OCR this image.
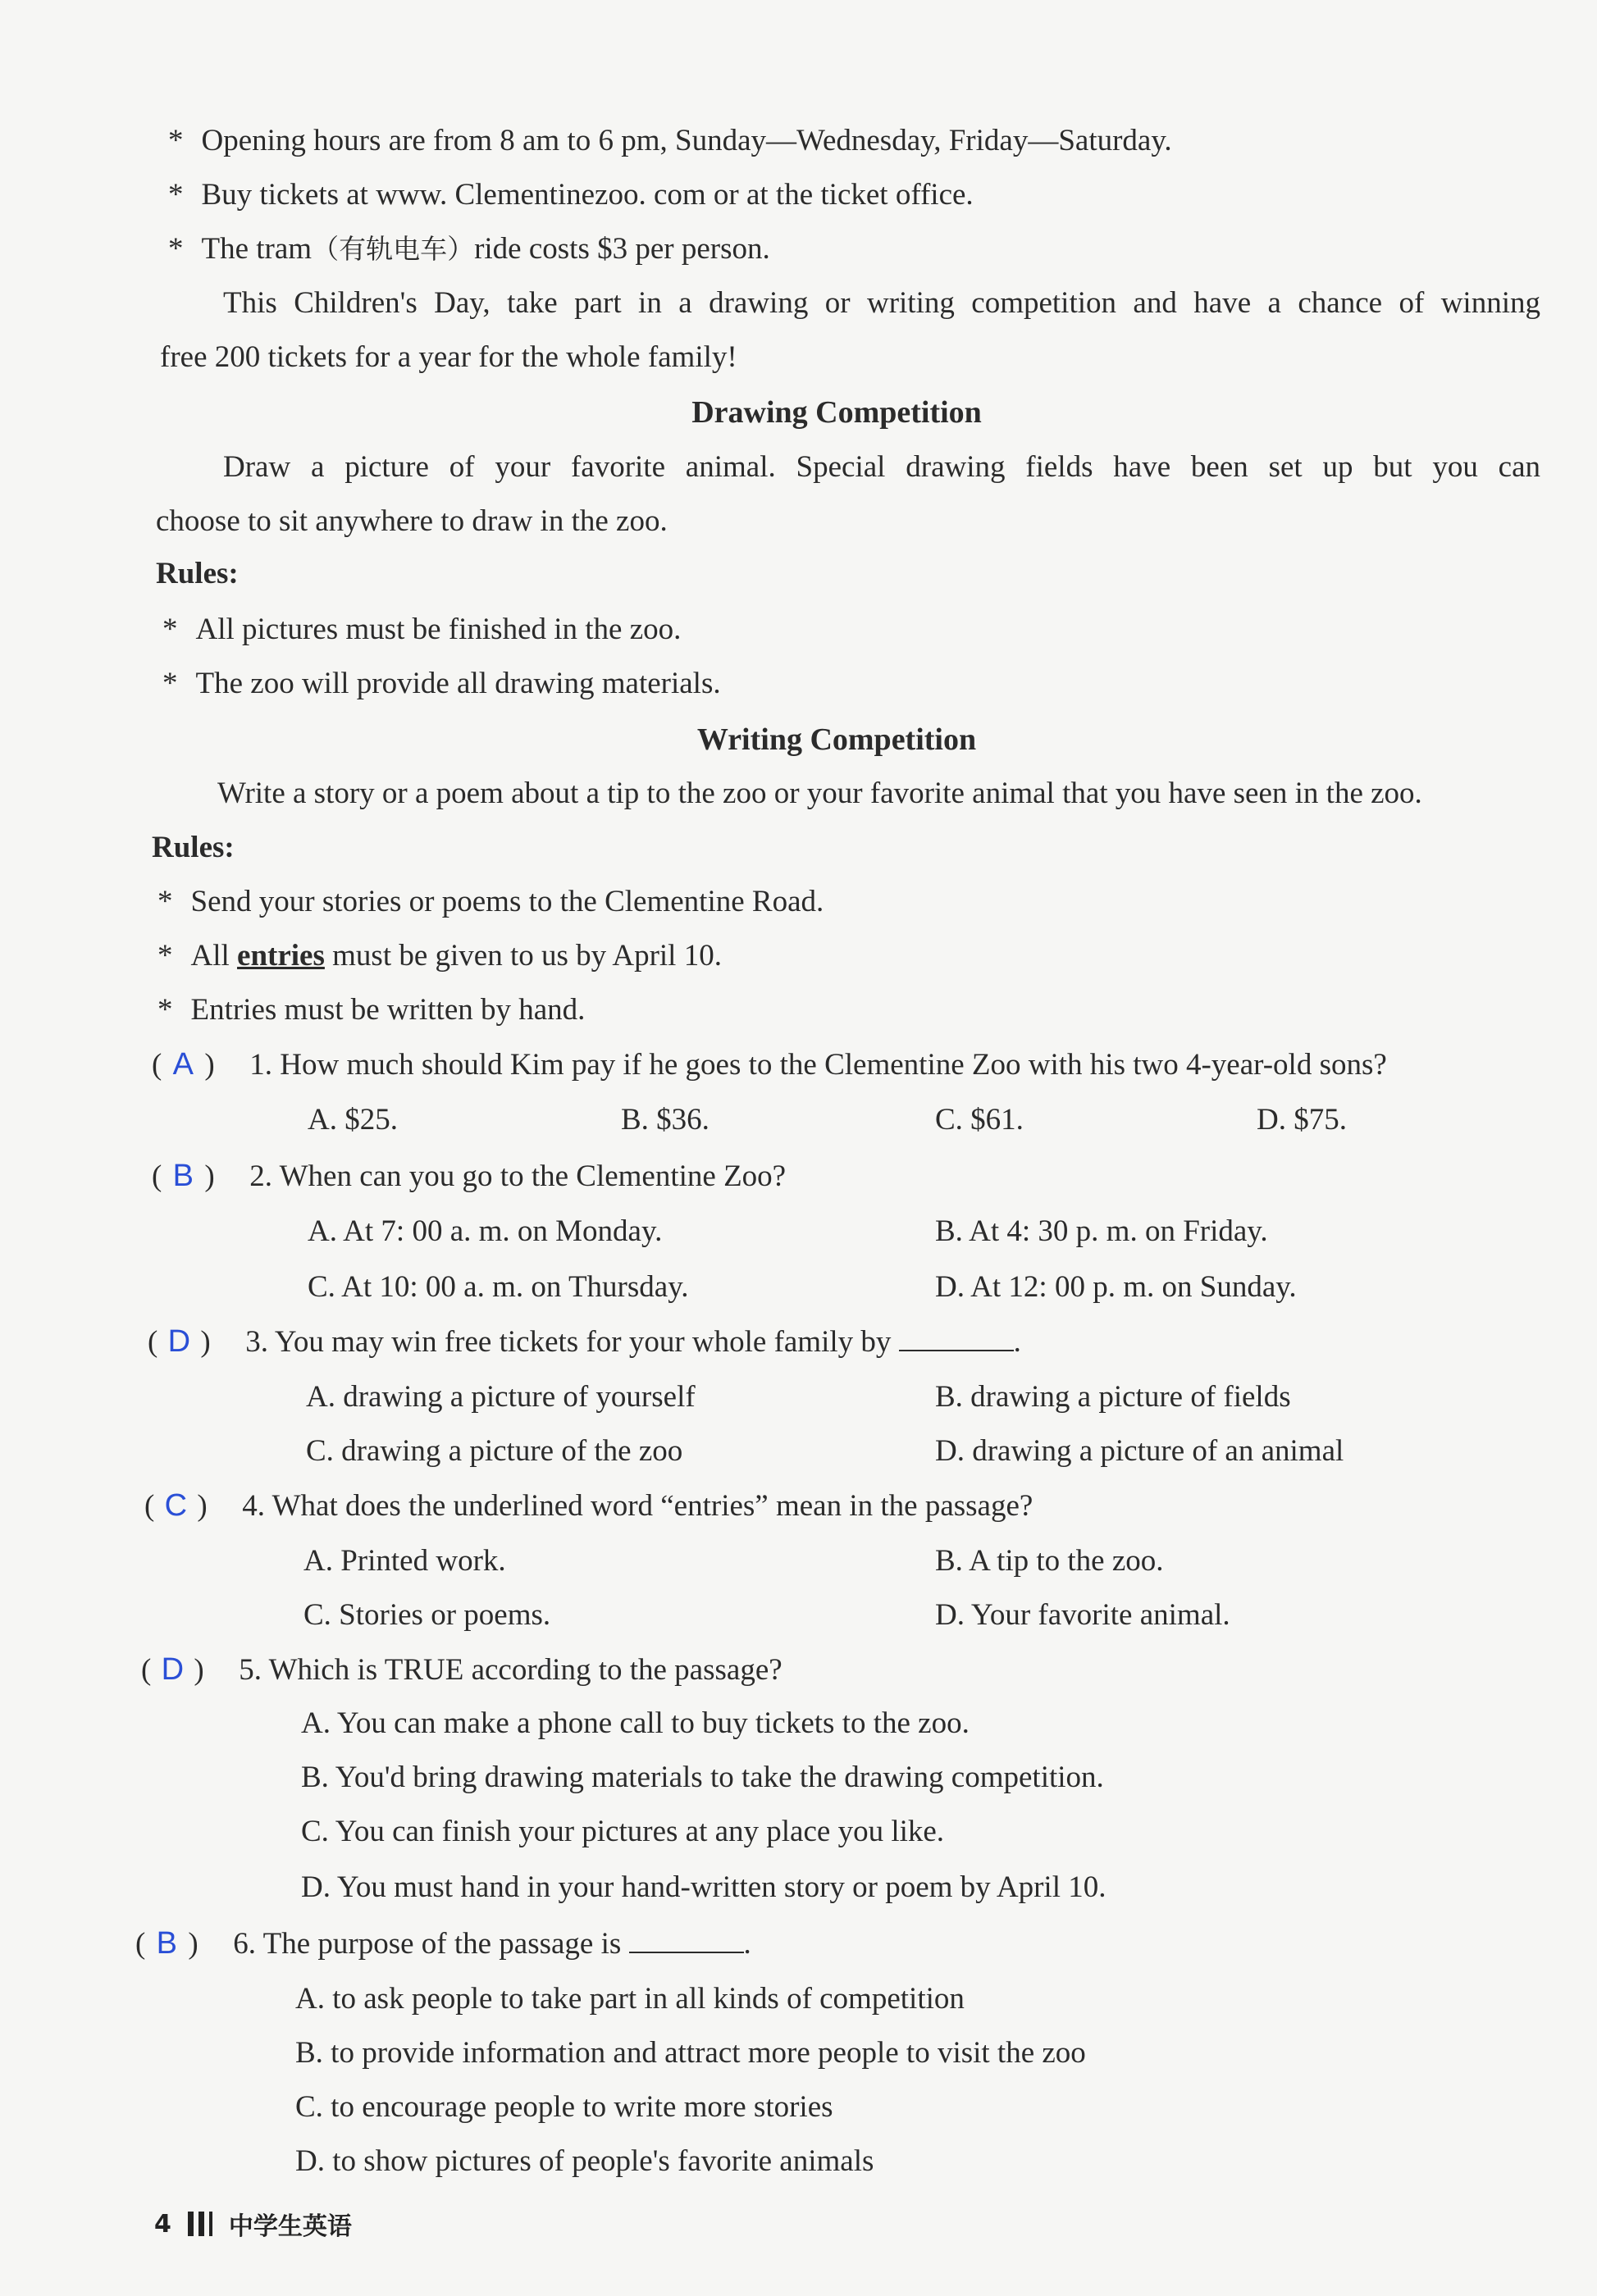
* Opening hours are from 8 am to 6 pm, Sunday—Wednesday, Friday—Saturday.
* Buy tickets at www. Clementinezoo. com or at the ticket office.
* The tram（有轨电车）ride costs $3 per person.
This Children's Day, take part in a drawing or writing competition and have a chance of winning
free 200 tickets for a year for the whole family!
Drawing Competition
Draw a picture of your favorite animal. Special drawing fields have been set up but you can
choose to sit anywhere to draw in the zoo.
Rules:
* All pictures must be finished in the zoo.
* The zoo will provide all drawing materials.
Writing Competition
Write a story or a poem about a tip to the zoo or your favorite animal that you have seen in the zoo.
Rules:
* Send your stories or poems to the Clementine Road.
* All entries must be given to us by April 10.
* Entries must be written by hand.
( A ) 1. How much should Kim pay if he goes to the Clementine Zoo with his two 4-year-old sons?
A. $25.	B. $36.	C. $61.	D. $75.
( B ) 2. When can you go to the Clementine Zoo?
A. At 7: 00 a. m. on Monday.	B. At 4: 30 p. m. on Friday.
C. At 10: 00 a. m. on Thursday.	D. At 12: 00 p. m. on Sunday.
( D ) 3. You may win free tickets for your whole family by	.
A. drawing a picture of yourself	B. drawing a picture of fields
C. drawing a picture of the zoo	D. drawing a picture of an animal
( C ) 4. What does the underlined word “entries” mean in the passage?
A. Printed work.	B. A tip to the zoo.
C. Stories or poems.	D. Your favorite animal.
( D ) 5. Which is TRUE according to the passage?
A. You can make a phone call to buy tickets to the zoo.
B. You'd bring drawing materials to take the drawing competition.
C. You can finish your pictures at any place you like.
D. You must hand in your hand-written story or poem by April 10.
( B ) 6. The purpose of the passage is	.
A. to ask people to take part in all kinds of competition
B. to provide information and attract more people to visit the zoo
C. to encourage people to write more stories
D. to show pictures of people's favorite animals
4 中学生英语
